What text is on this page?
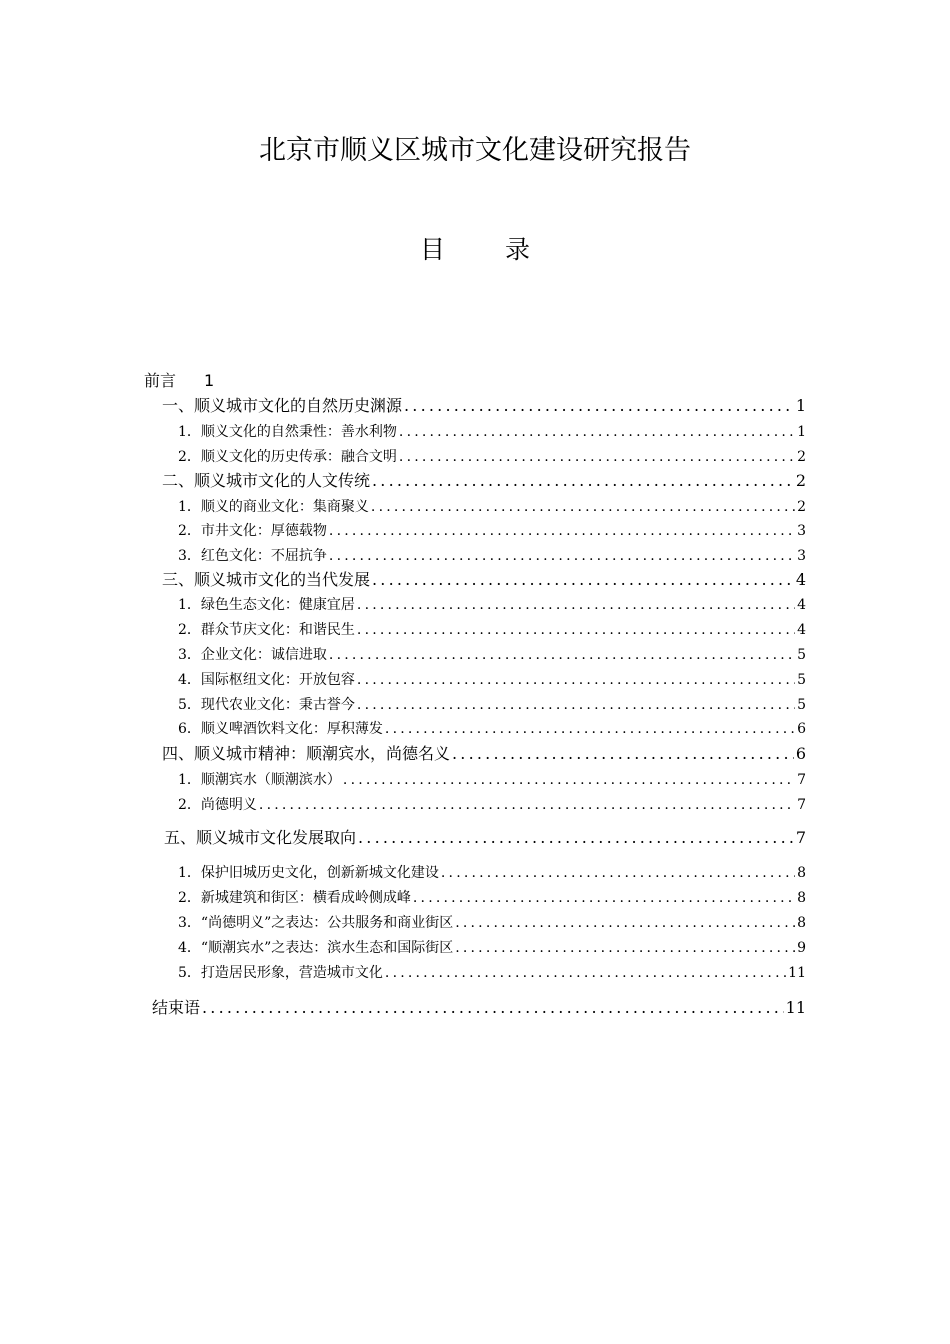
北京市顺义区城市文化建设研究报告
目 录
前言 1
一、顺义城市文化的自然历史渊源 .....	1
1．顺义文化的自然秉性：善水利物 .....	1
2．顺义文化的历史传承：融合文明 .....	2
二、顺义城市文化的人文传统 .....	2
1．顺义的商业文化：集商聚义 .....	2
2．市井文化：厚德载物 .....	3
3．红色文化：不屈抗争 .....	3
三、顺义城市文化的当代发展 .....	4
1．绿色生态文化：健康宜居 .....	4
2．群众节庆文化：和谐民生 .....	4
3．企业文化：诚信进取 .....	5
4．国际枢纽文化：开放包容 .....	5
5．现代农业文化：秉古誉今 .....	5
6．顺义啤酒饮料文化：厚积薄发 .....	6
四、顺义城市精神：顺潮宾水，尚德名义 .....	6
1．顺潮宾水（顺潮滨水） .....	7
2．尚德明义 .....	7
五、顺义城市文化发展取向 .....	7
1．保护旧城历史文化，创新新城文化建设 .....	8
2．新城建筑和街区：横看成岭侧成峰 .....	8
3．“尚德明义”之表达：公共服务和商业街区 .....	8
4．“顺潮宾水”之表达：滨水生态和国际街区 .....	9
5．打造居民形象，营造城市文化 .....	11
结束语 .....	11
